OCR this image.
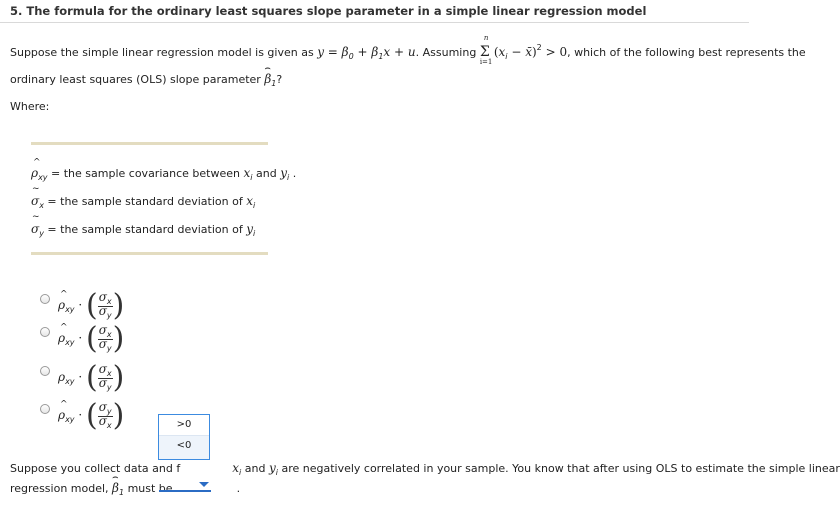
5. The formula for the ordinary least squares slope parameter in a simple linear regression model
Suppose the simple linear regression model is given as $y = \beta_0 + \beta_1x + u$. Assuming
n
Σ
i=1
($x_i$ − x̄)$^2$ > 0, which of the following best represents the
ordinary least squares (OLS) slope parameter ⌢ $\beta_1$?
Where:
^ $\rho_{xy}$ = the sample covariance between $x_i$ and $y_i$ .
~ $\sigma_x$ = the sample standard deviation of $x_i$
~ $\sigma_y$ = the sample standard deviation of $y_i$
^ $\rho_{xy}$ · ( $\frac{\sigma x}{\sigma y}$ )
^ $\rho_{xy}$ · ( $\frac{\sigma x}{\sigma y}$ )
$\rho_{xy}$ · ( $\frac{\sigma x}{\sigma y}$ )
^ $\rho_{xy}$ · ( $\frac{\sigma y}{\sigma x}$ )
Suppose you collect data and f	$x_i$ and $y_i$ are negatively correlated in your sample. You know that after using OLS to estimate the simple linear
regression model, ⌢ $\beta_1$ must be	.
>0
<0
